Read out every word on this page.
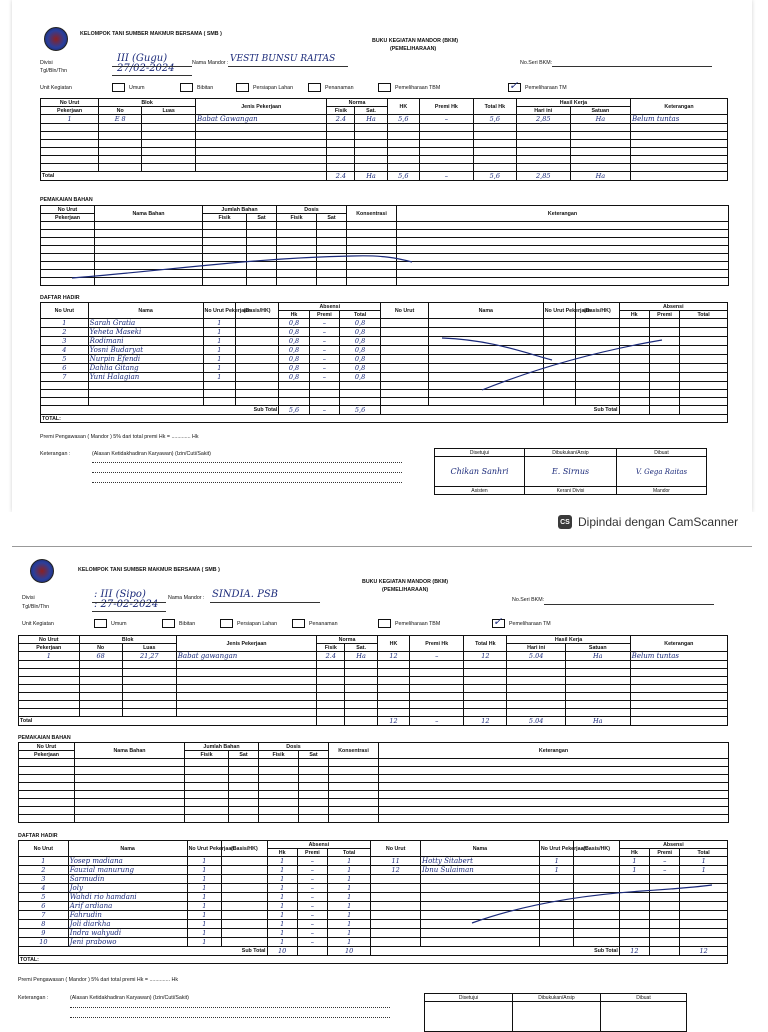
KELOMPOK TANI SUMBER MAKMUR BERSAMA ( SMB )
BUKU KEGIATAN MANDOR (BKM)
(PEMELIHARAAN)
Divisi	III (Gugu)
Tgl/Bln/Thn	27/02-2024	Nama Mandor : VESTI BUNSU RAITAS	No.Seri BKM:
Unit Kegiatan	Umum	Bibitan	Persiapan Lahan	Penanaman	Pemeliharaan TBM	✓ Pemeliharaan TM
No Urut	Blok		Jenis Pekerjaan	Norma		HK	Premi Hk	Total Hk	Hasil Kerja		Keterangan
Pekerjaan	No	Luas		Fisik	Sat.				Hari ini	Satuan	
1	E 8		Babat Gawangan	2.4	Ha	5,6	–	5,6	2,85	Ha	Belum tuntas

Total				2.4	Ha	5,6	–	5,6	2,85	Ha	
PEMAKAIAN BAHAN
No Urut	Nama Bahan	Jumlah Bahan		Dosis		Konsentrasi	Keterangan
Pekerjaan		Fisik	Sat	Fisik	Sat		

DAFTAR HADIR
No Urut	Nama	No Urut Pekerjaan	(Basis/HK)	Absensi			No Urut	Nama	No Urut Pekerjaan	(Basis/HK)	Absensi		
				Hk	Premi	Total					Hk	Premi	Total
1	Sarah Gratia	1		0,8	–	0,8							
2	Yeheta Maseki	1		0,8	–	0,8							
3	Rodimani	1		0,8	–	0,8							
4	Yosni Budaryat	1		0,8	–	0,8							
5	Nurpin Efendi	1		0,8	–	0,8							
6	Dahlia Gitang	1		0,8	–	0,8							
7	Yuni Halagian	1		0,8	–	0,8							

Sub Total				5,6	–	5,6	Sub Total						
TOTAL:													
Premi Pengawasan ( Mandor ) 5% dari total premi Hk = ............. Hk
Keterangan :	(Alasan Ketidakhadiran Karyawan) (Izin/Cuti/Sakit)	Disetujui	Dibukukan/Arsip	Dibuat
Chikan Sanhri	E. Sirnus	V. Gega Raitas
Asisten	Kerani Divisi	Mandor
CS Dipindai dengan CamScanner
KELOMPOK TANI SUMBER MAKMUR BERSAMA ( SMB )
BUKU KEGIATAN MANDOR (BKM)
(PEMELIHARAAN)
Divisi	: III (Sipo)
Tgl/Bln/Thn	: 27-02-2024
Nama Mandor : SINDIA. PSB	No.Seri BKM:
Unit Kegiatan	Umum	Bibitan	Persiapan Lahan	Penanaman	Pemeliharaan TBM	✓ Pemeliharaan TM
No Urut	Blok		Jenis Pekerjaan	Norma		HK	Premi Hk	Total Hk	Hasil Kerja		Keterangan
Pekerjaan	No	Luas		Fisik	Sat.				Hari ini	Satuan	
1	68	21,27	Babat gawangan	2.4	Ha	12	–	12	5.04	Ha	Belum tuntas

Total						12	–	12	5.04	Ha	
PEMAKAIAN BAHAN
No Urut	Nama Bahan	Jumlah Bahan		Dosis		Konsentrasi	Keterangan
Pekerjaan		Fisik	Sat	Fisik	Sat		

DAFTAR HADIR
No Urut	Nama	No Urut Pekerjaan	(Basis/HK)	Absensi			No Urut	Nama	No Urut Pekerjaan	(Basis/HK)	Absensi		
				Hk	Premi	Total					Hk	Premi	Total
1	Yosep madiana	1		1	–	1	11	Hotty Sitabert	1		1	–	1
2	Fauzial manurung	1		1	–	1	12	Ibnu Sulaiman	1		1	–	1
3	Sarmudin	1		1	–	1							
4	Joly	1		1	–	1							
5	Wahdi rio hamdani	1		1	–	1							
6	Arif ardiana	1		1	–	1							
7	Fahrudin	1		1	–	1							
8	Joli diarkha	1		1	–	1							
9	Indra wahyudi	1		1	–	1							
10	Jeni prabowo	1		1	–	1							
Sub Total				10		10	Sub Total				12		12
TOTAL:													
Premi Pengawasan ( Mandor ) 5% dari total premi Hk = .............. Hk
Keterangan :	(Alasan Ketidakhadiran Karyawan) (Izin/Cuti/Sakit)	Disetujui	Dibukukan/Arsip	Dibuat
